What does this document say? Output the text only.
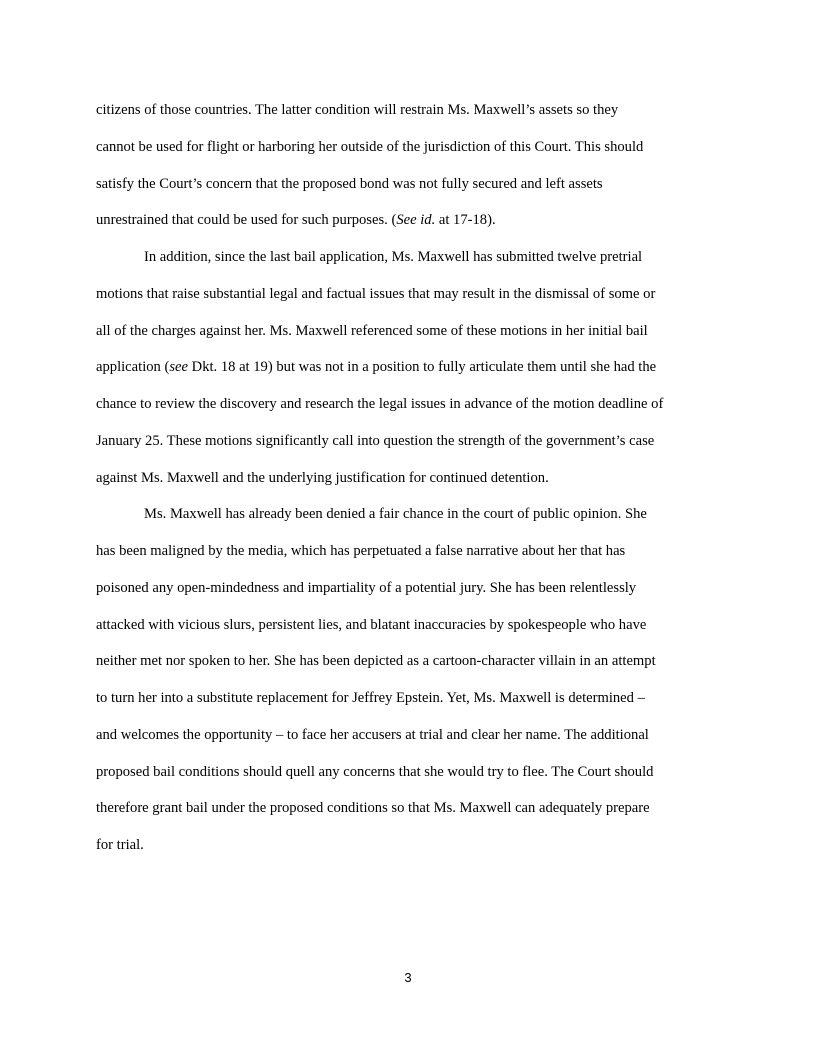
citizens of those countries. The latter condition will restrain Ms. Maxwell’s assets so they
cannot be used for flight or harboring her outside of the jurisdiction of this Court. This should
satisfy the Court’s concern that the proposed bond was not fully secured and left assets
unrestrained that could be used for such purposes. (See id. at 17-18).
In addition, since the last bail application, Ms. Maxwell has submitted twelve pretrial
motions that raise substantial legal and factual issues that may result in the dismissal of some or
all of the charges against her. Ms. Maxwell referenced some of these motions in her initial bail
application (see Dkt. 18 at 19) but was not in a position to fully articulate them until she had the
chance to review the discovery and research the legal issues in advance of the motion deadline of
January 25. These motions significantly call into question the strength of the government’s case
against Ms. Maxwell and the underlying justification for continued detention.
Ms. Maxwell has already been denied a fair chance in the court of public opinion. She
has been maligned by the media, which has perpetuated a false narrative about her that has
poisoned any open-mindedness and impartiality of a potential jury. She has been relentlessly
attacked with vicious slurs, persistent lies, and blatant inaccuracies by spokespeople who have
neither met nor spoken to her. She has been depicted as a cartoon-character villain in an attempt
to turn her into a substitute replacement for Jeffrey Epstein. Yet, Ms. Maxwell is determined –
and welcomes the opportunity – to face her accusers at trial and clear her name. The additional
proposed bail conditions should quell any concerns that she would try to flee. The Court should
therefore grant bail under the proposed conditions so that Ms. Maxwell can adequately prepare
for trial.
3
